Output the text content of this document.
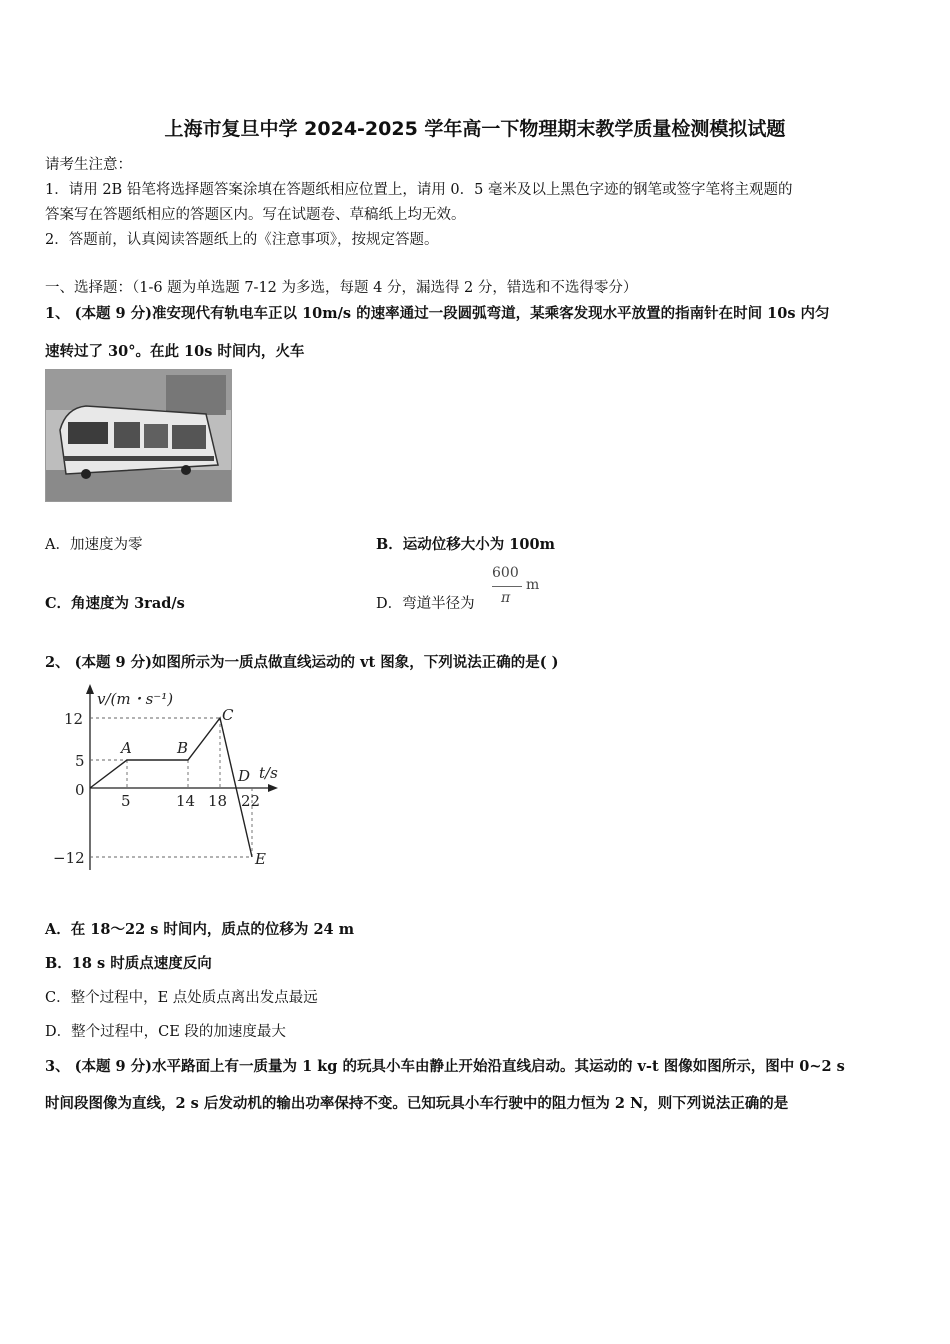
上海市复旦中学 2024-2025 学年高一下物理期末教学质量检测模拟试题
请考生注意：
1．请用 2B 铅笔将选择题答案涂填在答题纸相应位置上，请用 0．5 毫米及以上黑色字迹的钢笔或签字笔将主观题的
答案写在答题纸相应的答题区内。写在试题卷、草稿纸上均无效。
2．答题前，认真阅读答题纸上的《注意事项》，按规定答题。
一、选择题：（1-6 题为单选题 7-12 为多选，每题 4 分，漏选得 2 分，错选和不选得零分）
1、 (本题 9 分)准安现代有轨电车正以 10m/s 的速率通过一段圆弧弯道，某乘客发现水平放置的指南针在时间 10s 内匀
速转过了 30°。在此 10s 时间内，火车
A．加速度为零	B．运动位移大小为 100m
C．角速度为 3rad/s	D．弯道半径为
600
π
m
2、 (本题 9 分)如图所示为一质点做直线运动的 vt 图象，下列说法正确的是( )
v/(m・s⁻¹)
t/s
0
12
5
−12
5	14 18 22
A	B
C
D
E
A．在 18～22 s 时间内，质点的位移为 24 m
B．18 s 时质点速度反向
C．整个过程中，E 点处质点离出发点最远
D．整个过程中，CE 段的加速度最大
3、 (本题 9 分)水平路面上有一质量为 1 kg 的玩具小车由静止开始沿直线启动。其运动的 v-t 图像如图所示，图中 0~2 s
时间段图像为直线，2 s 后发动机的输出功率保持不变。已知玩具小车行驶中的阻力恒为 2 N，则下列说法正确的是
